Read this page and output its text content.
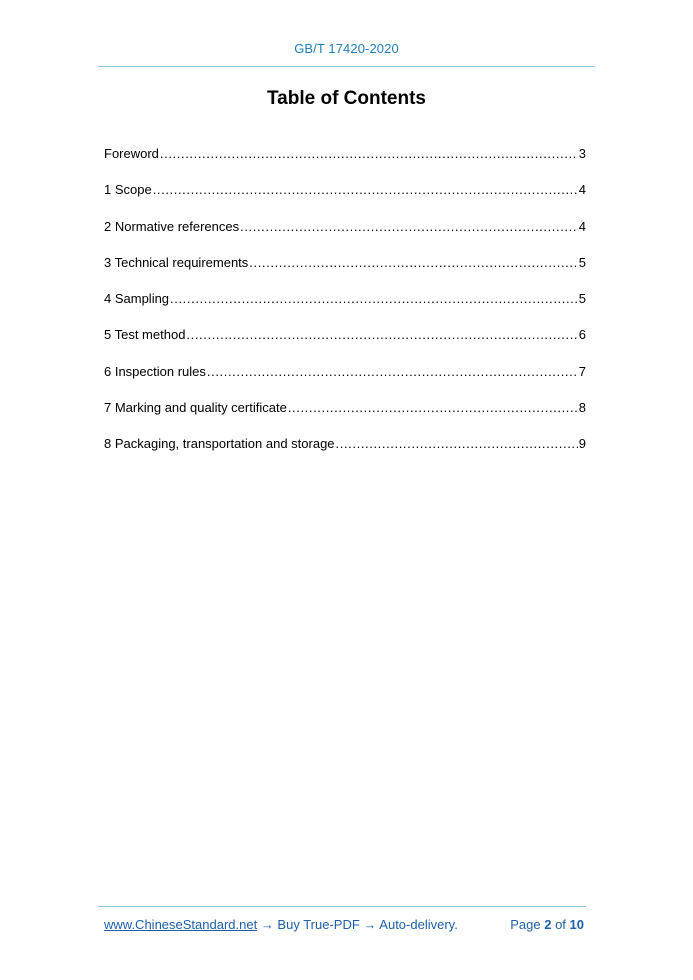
GB/T 17420-2020
Table of Contents
Foreword .....	3
1 Scope .....	4
2 Normative references .....	4
3 Technical requirements .....	5
4 Sampling .....	5
5 Test method .....	6
6 Inspection rules .....	7
7 Marking and quality certificate .....	8
8 Packaging, transportation and storage .....	9
www.ChineseStandard.net → Buy True-PDF → Auto-delivery.	Page 2 of 10
